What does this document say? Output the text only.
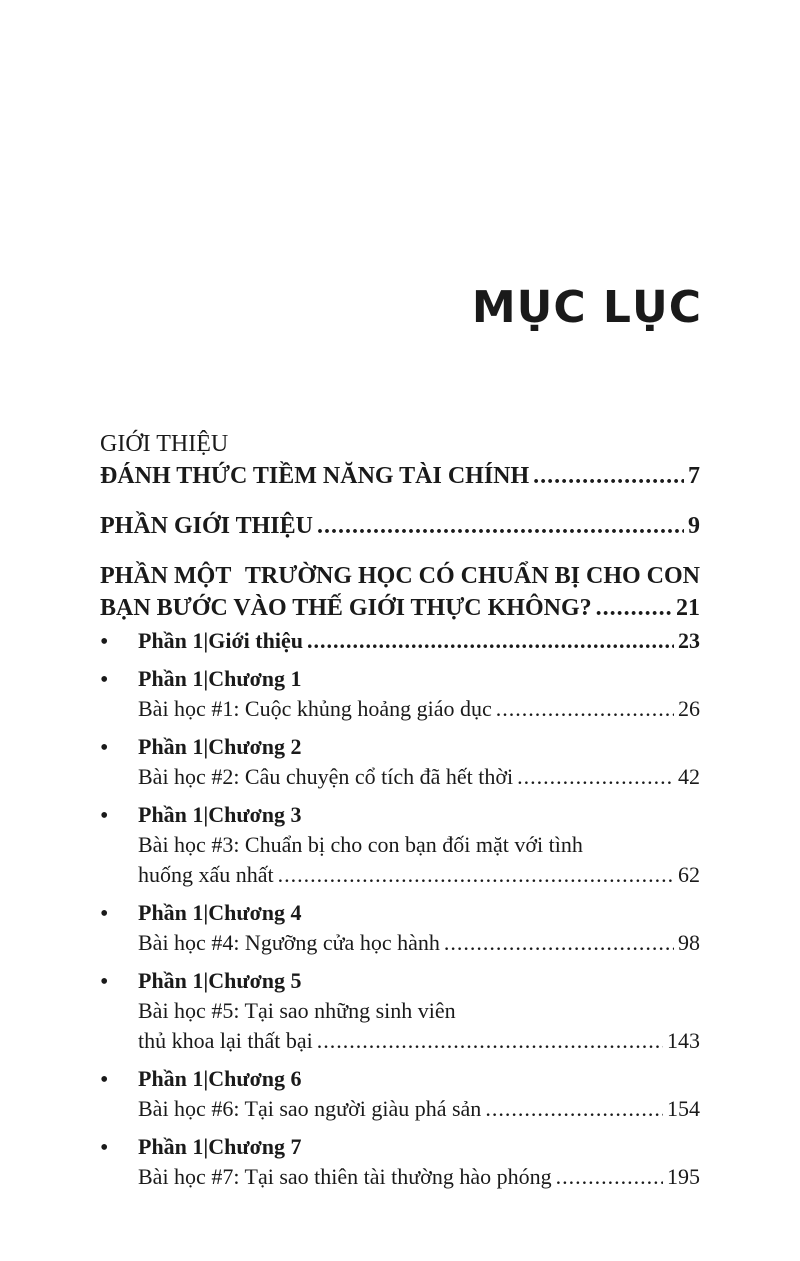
MỤC LỤC
GIỚI THIỆU
ĐÁNH THỨC TIỀM NĂNG TÀI CHÍNH .....	7
PHẦN GIỚI THIỆU .....	9
PHẦN MỘT TRƯỜNG HỌC CÓ CHUẨN BỊ CHO CON
BẠN BƯỚC VÀO THẾ GIỚI THỰC KHÔNG? .....	21
• Phần 1|Giới thiệu .....	23
• Phần 1|Chương 1
Bài học #1: Cuộc khủng hoảng giáo dục .....	26
• Phần 1|Chương 2
Bài học #2: Câu chuyện cổ tích đã hết thời .....	42
• Phần 1|Chương 3
Bài học #3: Chuẩn bị cho con bạn đối mặt với tình
huống xấu nhất .....	62
• Phần 1|Chương 4
Bài học #4: Ngưỡng cửa học hành .....	98
• Phần 1|Chương 5
Bài học #5: Tại sao những sinh viên
thủ khoa lại thất bại .....	143
• Phần 1|Chương 6
Bài học #6: Tại sao người giàu phá sản .....	154
• Phần 1|Chương 7
Bài học #7: Tại sao thiên tài thường hào phóng .....	195
